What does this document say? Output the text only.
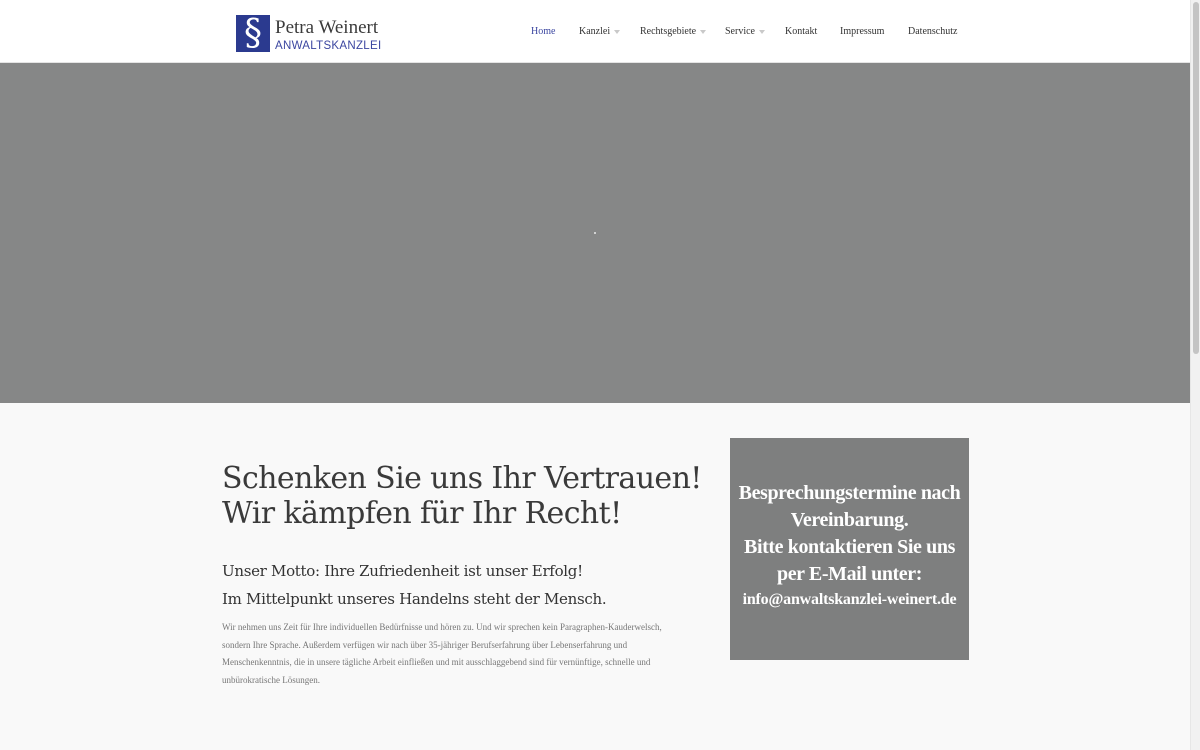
§ Petra Weinert
ANWALTSKANZLEI
Home Kanzlei	Rechtsgebiete	Service	Kontakt Impressum Datenschutz
Schenken Sie uns Ihr Vertrauen!
Wir kämpfen für Ihr Recht!
Unser Motto: Ihre Zufriedenheit ist unser Erfolg!
Im Mittelpunkt unseres Handelns steht der Mensch.

Wir nehmen uns Zeit für Ihre individuellen Bedürfnisse und hören zu. Und wir sprechen kein Paragraphen-Kauderwelsch, sondern Ihre Sprache. Außerdem verfügen wir nach über 35-jähriger Berufserfahrung über Lebenserfahrung und Menschenkenntnis, die in unsere tägliche Arbeit einfließen und mit ausschlaggebend sind für vernünftige, schnelle und unbürokratische Lösungen.

Besprechungstermine nach
Vereinbarung.
Bitte kontaktieren Sie uns
per E-Mail unter:
info@anwaltskanzlei-weinert.de
